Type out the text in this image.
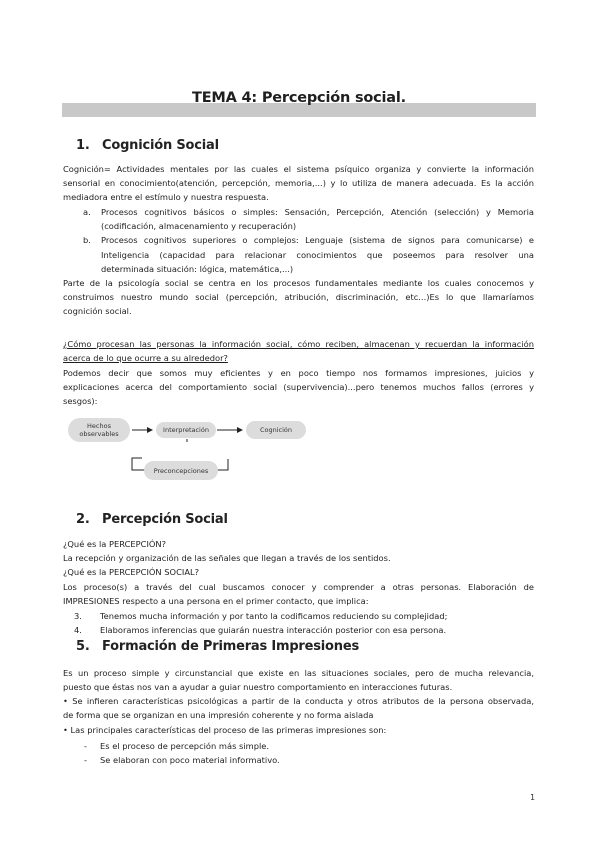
TEMA 4: Percepción social.
1. Cognición Social
Cognición= Actividades mentales por las cuales el sistema psíquico organiza y convierte la información
sensorial en conocimiento(atención, percepción, memoria,...) y lo utiliza de manera adecuada. Es la acción
mediadora entre el estímulo y nuestra respuesta.
a. Procesos cognitivos básicos o simples: Sensación, Percepción, Atención (selección) y Memoria
(codificación, almacenamiento y recuperación)
b. Procesos cognitivos superiores o complejos: Lenguaje (sistema de signos para comunicarse) e
Inteligencia (capacidad para relacionar conocimientos que poseemos para resolver una
determinada situación: lógica, matemática,...)
Parte de la psicología social se centra en los procesos fundamentales mediante los cuales conocemos y
construimos nuestro mundo social (percepción, atribución, discriminación, etc...)Es lo que llamaríamos
cognición social.
¿Cómo procesan las personas la información social, cómo reciben, almacenan y recuerdan la información
acerca de lo que ocurre a su alrededor?
Podemos decir que somos muy eficientes y en poco tiempo nos formamos impresiones, juicios y
explicaciones acerca del comportamiento social (supervivencia)...pero tenemos muchos fallos (errores y
sesgos):
Hechos observables	Interpretación	Cognición
Preconcepciones
2. Percepción Social
¿Qué es la PERCEPCIÓN?
La recepción y organización de las señales que llegan a través de los sentidos.
¿Qué es la PERCEPCIÓN SOCIAL?
Los proceso(s) a través del cual buscamos conocer y comprender a otras personas. Elaboración de
IMPRESIONES respecto a una persona en el primer contacto, que implica:
3. Tenemos mucha información y por tanto la codificamos reduciendo su complejidad;
4. Elaboramos inferencias que guiarán nuestra interacción posterior con esa persona.
5. Formación de Primeras Impresiones
Es un proceso simple y circunstancial que existe en las situaciones sociales, pero de mucha relevancia,
puesto que éstas nos van a ayudar a guiar nuestro comportamiento en interacciones futuras.
• Se infieren características psicológicas a partir de la conducta y otros atributos de la persona observada,
de forma que se organizan en una impresión coherente y no forma aislada
• Las principales características del proceso de las primeras impresiones son:
- Es el proceso de percepción más simple.
- Se elaboran con poco material informativo.
1
